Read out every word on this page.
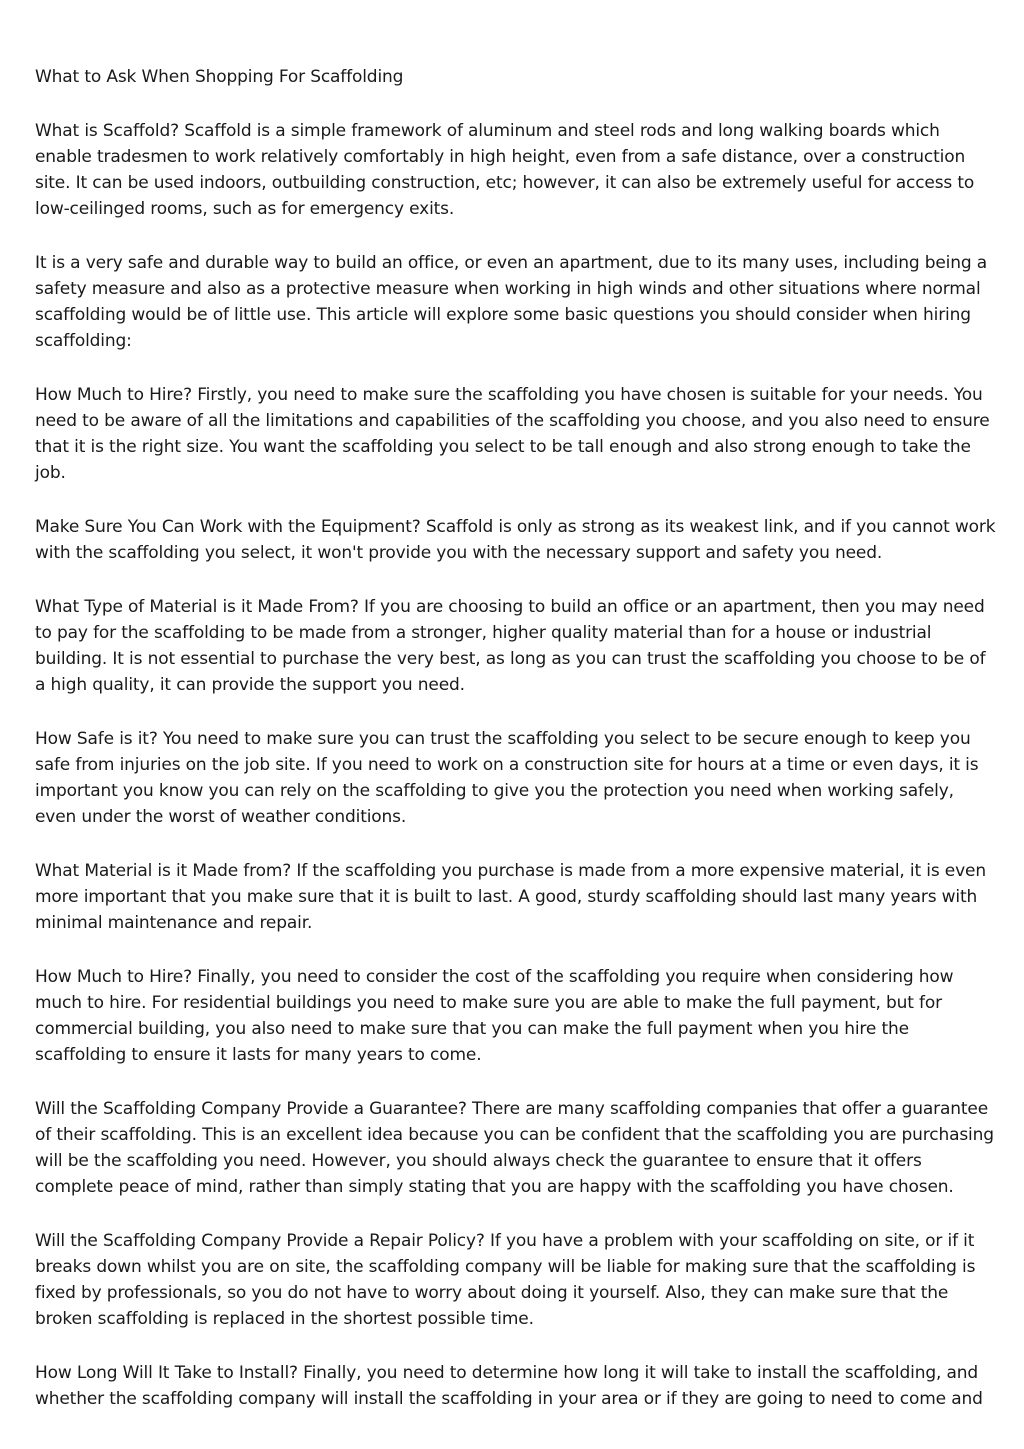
What to Ask When Shopping For Scaffolding

What is Scaffold? Scaffold is a simple framework of aluminum and steel rods and long walking boards which enable tradesmen to work relatively comfortably in high height, even from a safe distance, over a construction site. It can be used indoors, outbuilding construction, etc; however, it can also be extremely useful for access to low-ceilinged rooms, such as for emergency exits.

It is a very safe and durable way to build an office, or even an apartment, due to its many uses, including being a safety measure and also as a protective measure when working in high winds and other situations where normal scaffolding would be of little use. This article will explore some basic questions you should consider when hiring scaffolding:

How Much to Hire? Firstly, you need to make sure the scaffolding you have chosen is suitable for your needs. You need to be aware of all the limitations and capabilities of the scaffolding you choose, and you also need to ensure that it is the right size. You want the scaffolding you select to be tall enough and also strong enough to take the job.

Make Sure You Can Work with the Equipment? Scaffold is only as strong as its weakest link, and if you cannot work with the scaffolding you select, it won't provide you with the necessary support and safety you need.

What Type of Material is it Made From? If you are choosing to build an office or an apartment, then you may need to pay for the scaffolding to be made from a stronger, higher quality material than for a house or industrial building. It is not essential to purchase the very best, as long as you can trust the scaffolding you choose to be of a high quality, it can provide the support you need.

How Safe is it? You need to make sure you can trust the scaffolding you select to be secure enough to keep you safe from injuries on the job site. If you need to work on a construction site for hours at a time or even days, it is important you know you can rely on the scaffolding to give you the protection you need when working safely, even under the worst of weather conditions.

What Material is it Made from? If the scaffolding you purchase is made from a more expensive material, it is even more important that you make sure that it is built to last. A good, sturdy scaffolding should last many years with minimal maintenance and repair.

How Much to Hire? Finally, you need to consider the cost of the scaffolding you require when considering how much to hire. For residential buildings you need to make sure you are able to make the full payment, but for commercial building, you also need to make sure that you can make the full payment when you hire the scaffolding to ensure it lasts for many years to come.

Will the Scaffolding Company Provide a Guarantee? There are many scaffolding companies that offer a guarantee of their scaffolding. This is an excellent idea because you can be confident that the scaffolding you are purchasing will be the scaffolding you need. However, you should always check the guarantee to ensure that it offers complete peace of mind, rather than simply stating that you are happy with the scaffolding you have chosen.

Will the Scaffolding Company Provide a Repair Policy? If you have a problem with your scaffolding on site, or if it breaks down whilst you are on site, the scaffolding company will be liable for making sure that the scaffolding is fixed by professionals, so you do not have to worry about doing it yourself. Also, they can make sure that the broken scaffolding is replaced in the shortest possible time.

How Long Will It Take to Install? Finally, you need to determine how long it will take to install the scaffolding, and whether the scaffolding company will install the scaffolding in your area or if they are going to need to come and
